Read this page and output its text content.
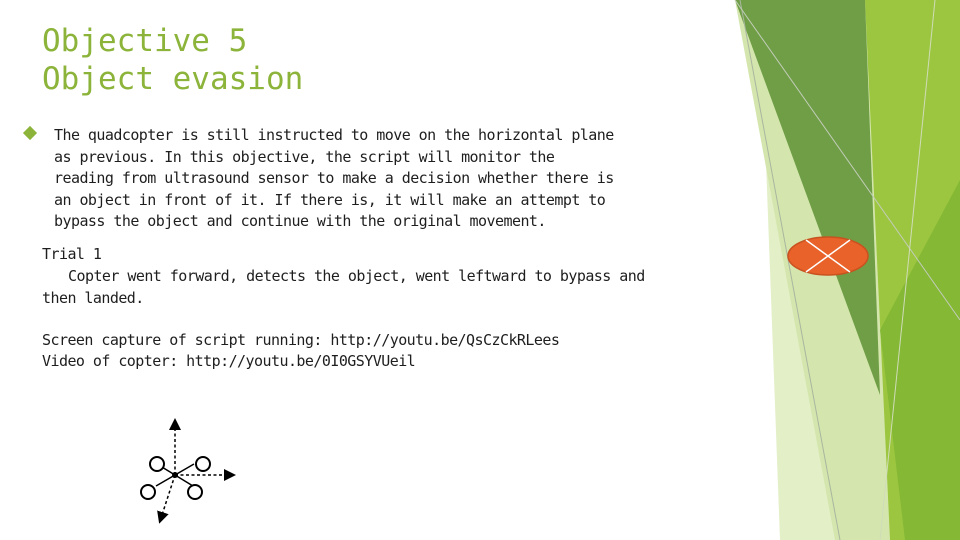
Objective 5
Object evasion

The quadcopter is still instructed to move on the horizontal plane as previous. In this objective, the script will monitor the reading from ultrasound sensor to make a decision whether there is an object in front of it. If there is, it will make an attempt to bypass the object and continue with the original movement.

Trial 1
Copter went forward, detects the object, went leftward to bypass and
then landed.
Screen capture of script running: http://youtu.be/QsCzCkRLees
Video of copter: http://youtu.be/0I0GSYVUeil
